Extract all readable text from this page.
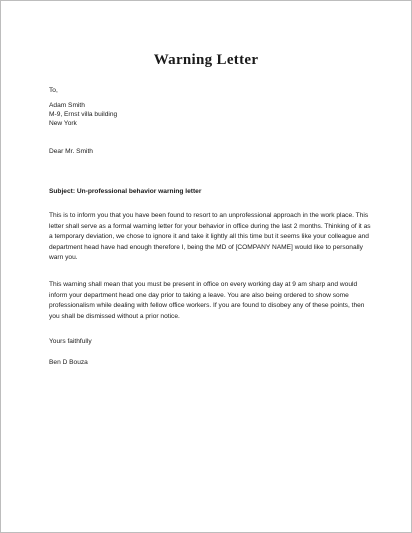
Warning Letter
To,
Adam Smith
M-9, Ernst villa building
New York
Dear Mr. Smith
Subject: Un-professional behavior warning letter
This is to inform you that you have been found to resort to an unprofessional approach in the work place. This letter shall serve as a formal warning letter for your behavior in office during the last 2 months. Thinking of it as a temporary deviation, we chose to ignore it and take it lightly all this time but it seems like your colleague and department head have had enough therefore I, being the MD of [COMPANY NAME] would like to personally warn you.
This warning shall mean that you must be present in office on every working day at 9 am sharp and would inform your department head one day prior to taking a leave. You are also being ordered to show some professionalism while dealing with fellow office workers. If you are found to disobey any of these points, then you shall be dismissed without a prior notice.
Yours faithfully
Ben D Bouza
